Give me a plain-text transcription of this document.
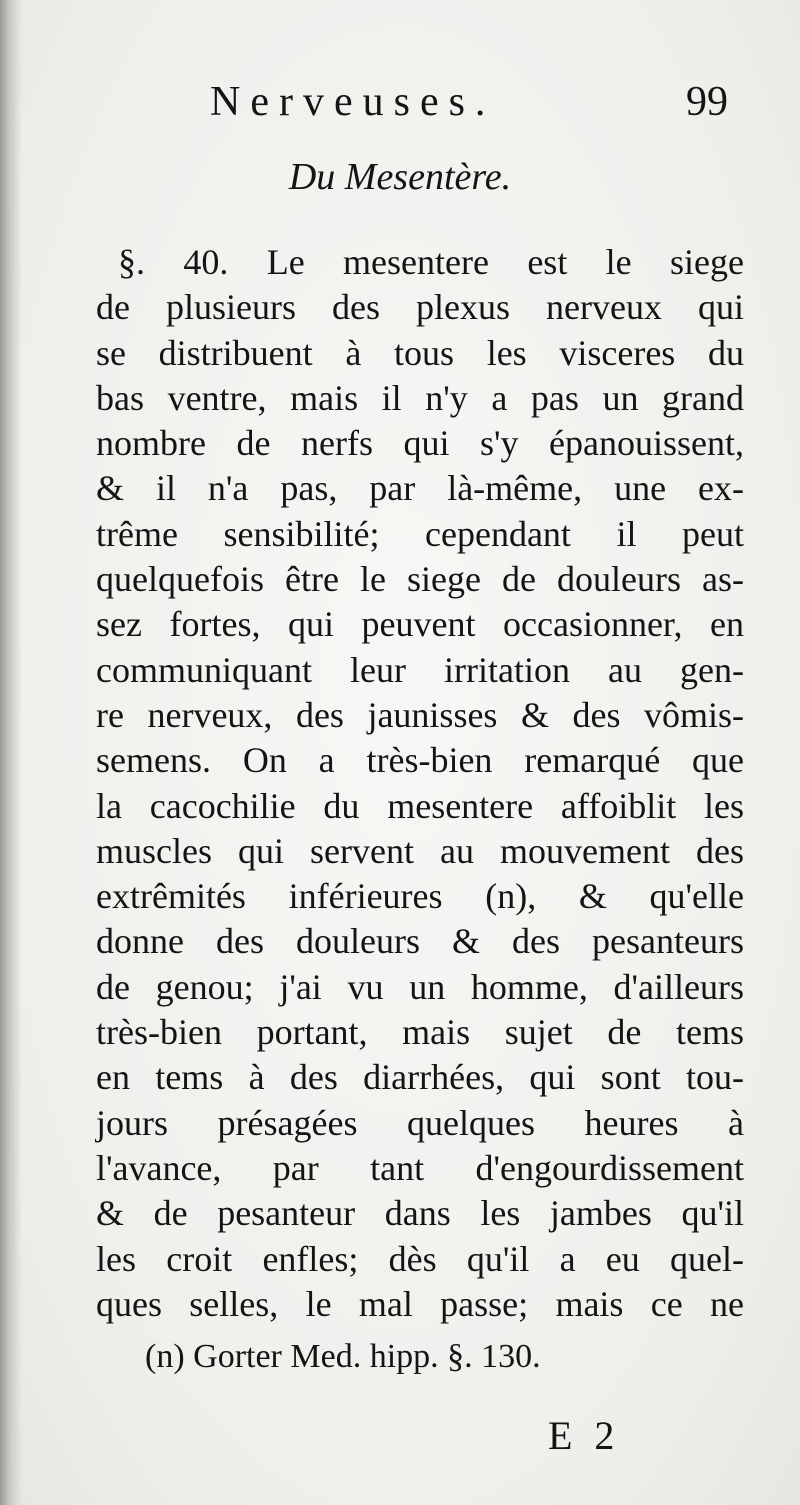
Nerveuses.	99
Du Mesentère.
§. 40. Le mesentere est le siege
de plusieurs des plexus nerveux qui
se distribuent à tous les visceres du
bas ventre, mais il n'y a pas un grand
nombre de nerfs qui s'y épanouissent,
& il n'a pas, par là-même, une ex-
trême sensibilité; cependant il peut
quelquefois être le siege de douleurs as-
sez fortes, qui peuvent occasionner, en
communiquant leur irritation au gen-
re nerveux, des jaunisses & des vômis-
semens. On a très-bien remarqué que
la cacochilie du mesentere affoiblit les
muscles qui servent au mouvement des
extrêmités inférieures (n), & qu'elle
donne des douleurs & des pesanteurs
de genou; j'ai vu un homme, d'ailleurs
très-bien portant, mais sujet de tems
en tems à des diarrhées, qui sont tou-
jours présagées quelques heures à
l'avance, par tant d'engourdissement
& de pesanteur dans les jambes qu'il
les croit enfles; dès qu'il a eu quel-
ques selles, le mal passe; mais ce ne
(n) Gorter Med. hipp. §. 130.
E 2
